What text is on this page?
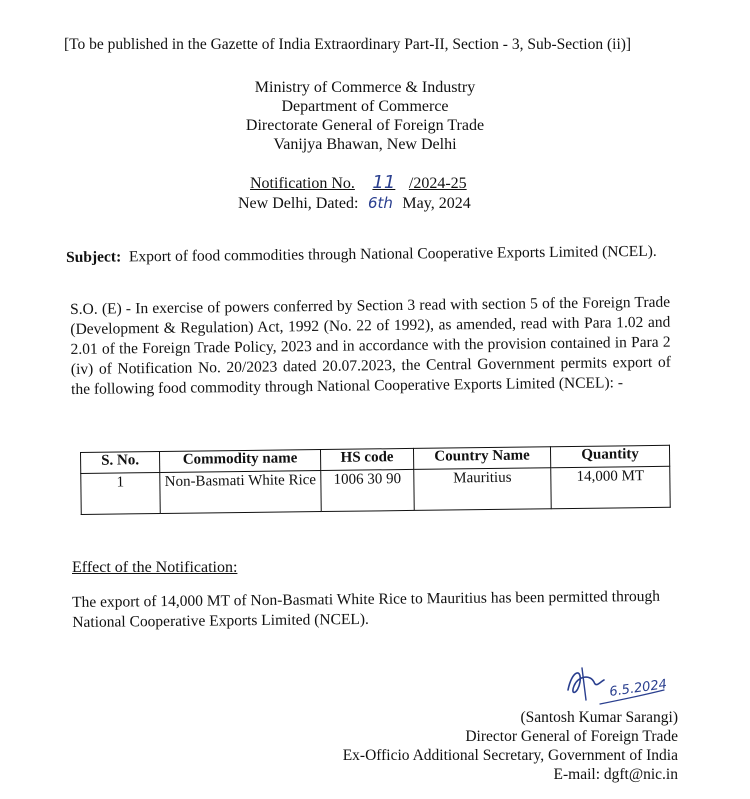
[To be published in the Gazette of India Extraordinary Part-II, Section - 3, Sub-Section (ii)]
Ministry of Commerce & Industry
Department of Commerce
Directorate General of Foreign Trade
Vanijya Bhawan, New Delhi
Notification No. 11 /2024-25
New Delhi, Dated: 6th May, 2024
Subject: Export of food commodities through National Cooperative Exports Limited (NCEL).
S.O. (E) - In exercise of powers conferred by Section 3 read with section 5 of the Foreign Trade (Development & Regulation) Act, 1992 (No. 22 of 1992), as amended, read with Para 1.02 and 2.01 of the Foreign Trade Policy, 2023 and in accordance with the provision contained in Para 2 (iv) of Notification No. 20/2023 dated 20.07.2023, the Central Government permits export of the following food commodity through National Cooperative Exports Limited (NCEL): -
S. No.	Commodity name	HS code	Country Name	Quantity
1	Non-Basmati White Rice	1006 30 90	Mauritius	14,000 MT
Effect of the Notification:
The export of 14,000 MT of Non-Basmati White Rice to Mauritius has been permitted through National Cooperative Exports Limited (NCEL).
6.5.2024
(Santosh Kumar Sarangi)
Director General of Foreign Trade
Ex-Officio Additional Secretary, Government of India
E-mail: dgft@nic.in
